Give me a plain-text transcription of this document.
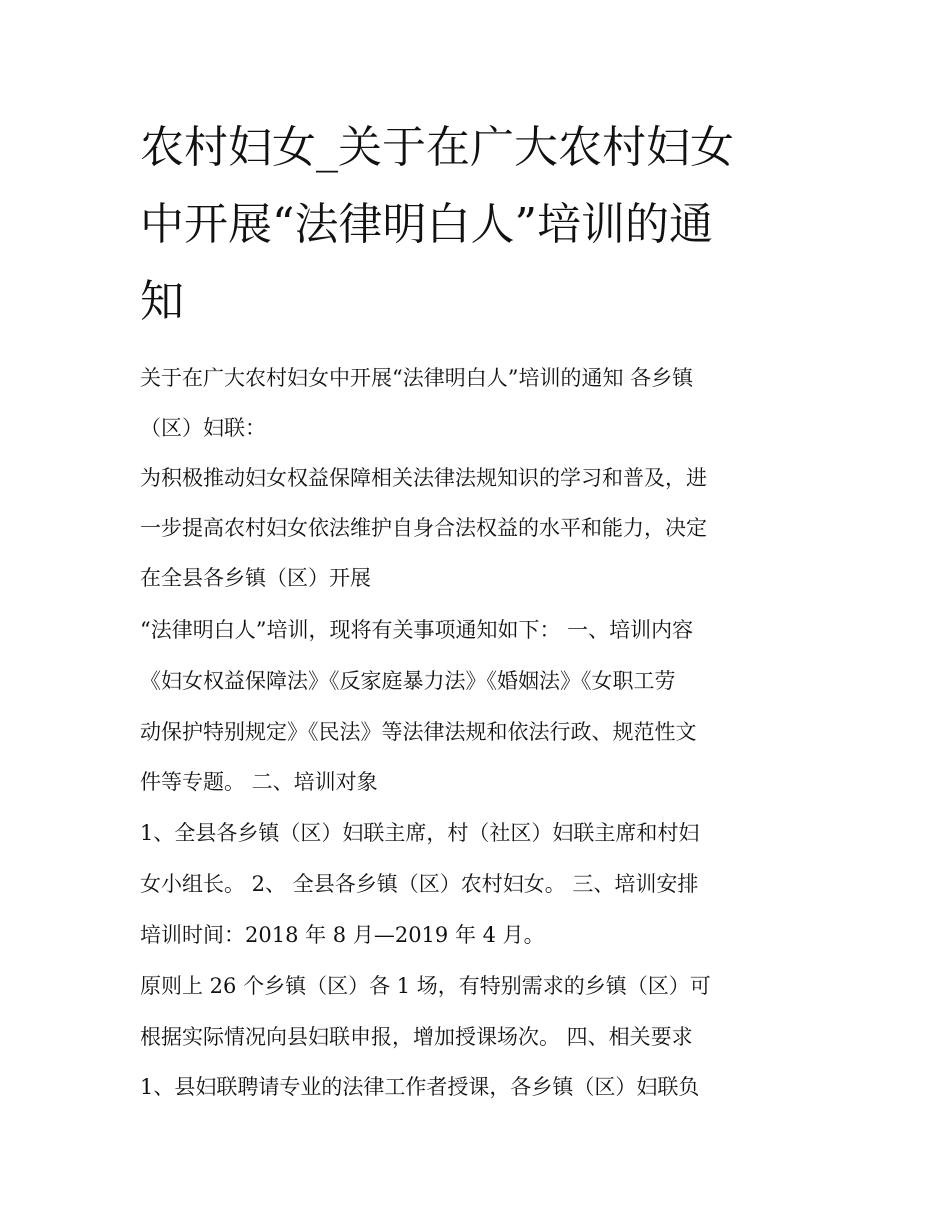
农村妇女_关于在广大农村妇女
中开展“法律明白人”培训的通
知

关于在广大农村妇女中开展“法律明白人”培训的通知 各乡镇

（区）妇联：

为积极推动妇女权益保障相关法律法规知识的学习和普及，进

一步提高农村妇女依法维护自身合法权益的水平和能力，决定

在全县各乡镇（区）开展

“法律明白人”培训，现将有关事项通知如下： 一、培训内容

《妇女权益保障法》《反家庭暴力法》《婚姻法》《女职工劳

动保护特别规定》《民法》等法律法规和依法行政、规范性文

件等专题。 二、培训对象

1、全县各乡镇（区）妇联主席，村（社区）妇联主席和村妇

女小组长。 2、 全县各乡镇（区）农村妇女。 三、培训安排

培训时间：2018 年 8 月—2019 年 4 月。

原则上 26 个乡镇（区）各 1 场，有特别需求的乡镇（区）可

根据实际情况向县妇联申报，增加授课场次。 四、相关要求

1、县妇联聘请专业的法律工作者授课，各乡镇（区）妇联负
